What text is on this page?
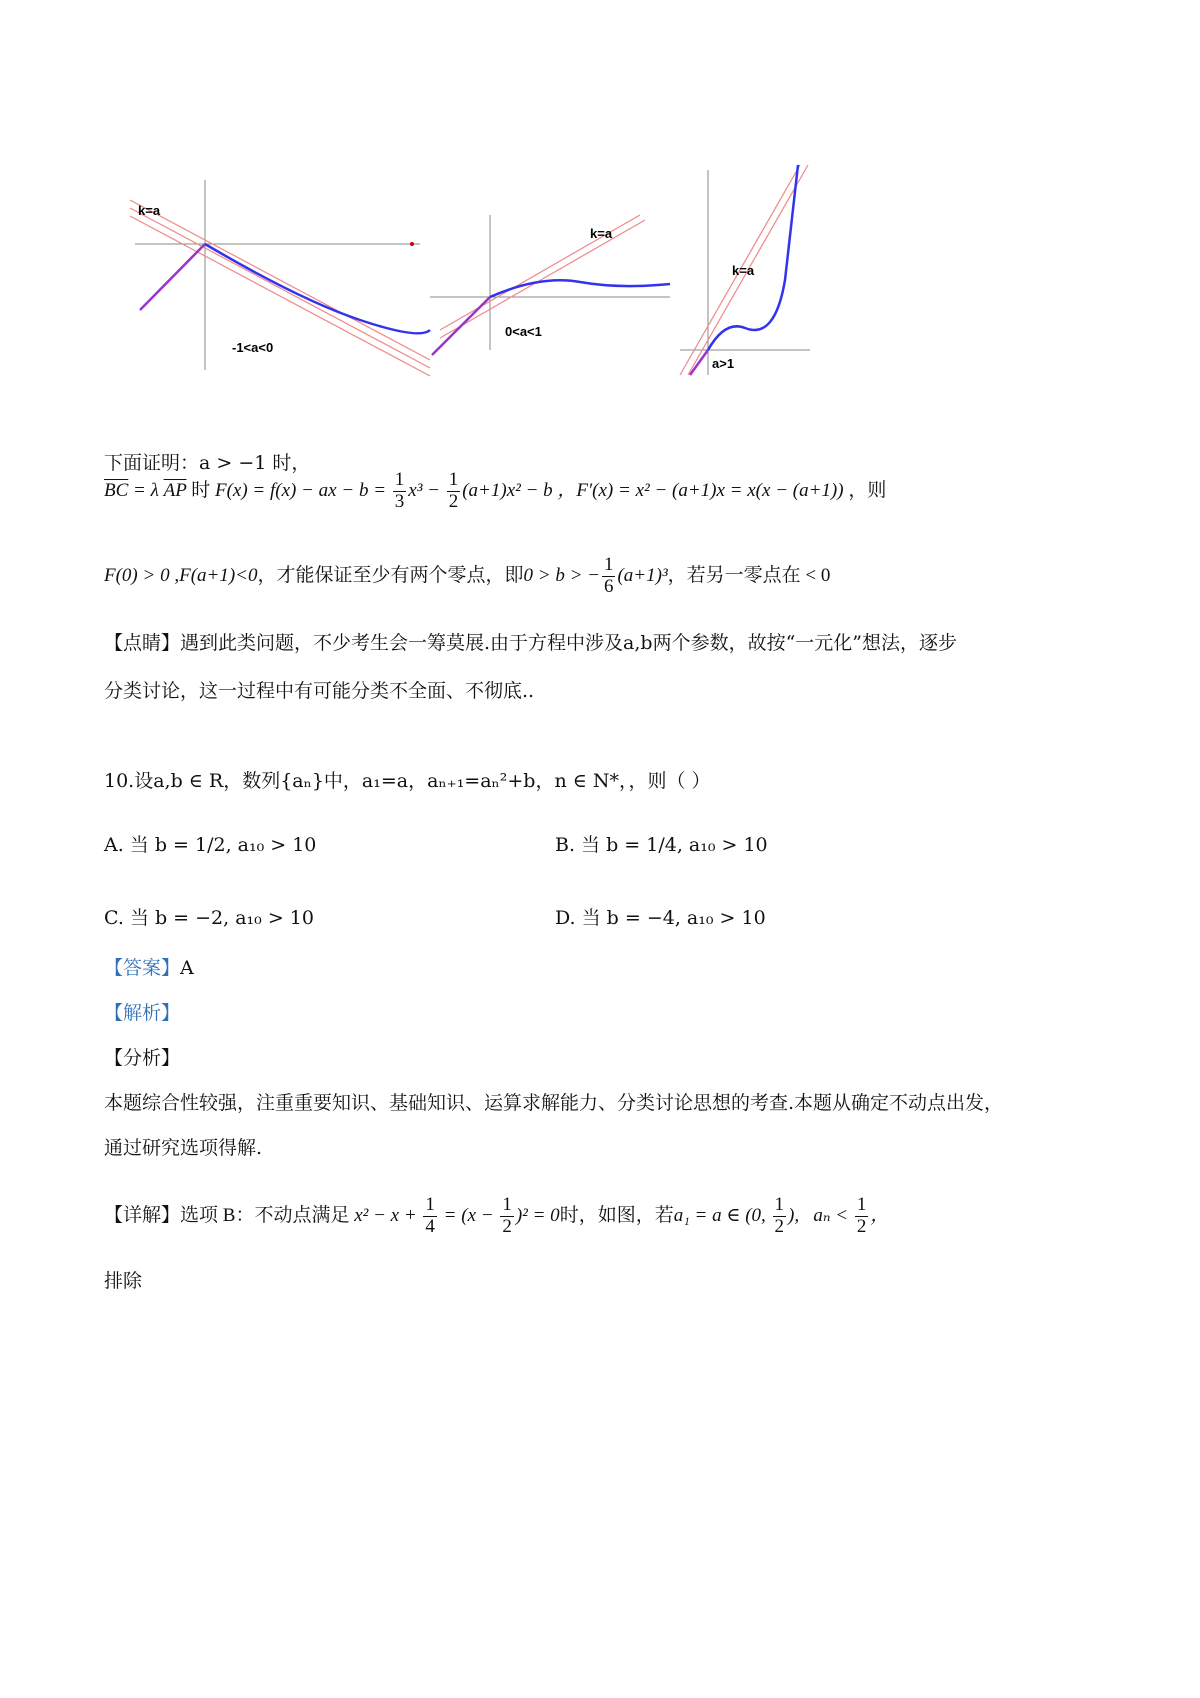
k=a
-1<a<0
k=a
0<a<1
k=a
a>1
下面证明：a > −1 时，
$\overline{BC} = \lambda$ $\overline{AP}$ 时 F(x) = f(x) − ax − $b = \frac{1}{3} x^3 - \frac{1}{2} (a+1)x^2 - b$ ，F′(x) = x² − (a+1)x = x(x − (a+1)) ，则
F(0) > 0 ,F(a+1)<0，才能保证至少有两个零点，即0 > b > − $\frac{1}{6} (a+1)^3$，若另一零点在 < 0
【点睛】遇到此类问题，不少考生会一筹莫展.由于方程中涉及a,b两个参数，故按“一元化”想法，逐步
分类讨论，这一过程中有可能分类不全面、不彻底..
10.设a,b ∈ R，数列{aₙ}中，a₁=a，aₙ₊₁=aₙ²+b，n ∈ N*，，则（ ）
A. 当 b = 1/2, a₁₀ > 10	B. 当 b = 1/4, a₁₀ > 10
C. 当 b = −2, a₁₀ > 10	D. 当 b = −4, a₁₀ > 10
【答案】A
【解析】
【分析】
本题综合性较强，注重重要知识、基础知识、运算求解能力、分类讨论思想的考查.本题从确定不动点出发，
通过研究选项得解.
【详解】选项 B：不动点满足 $x^2 - x + \frac{1}{4} = (x - \frac{1}{2} )^2 = 0$时，如图，若a₁ = a ∈ (0, $\frac{1}{2}$ ),   $a_n < \frac{1}{2}$ ，
排除
